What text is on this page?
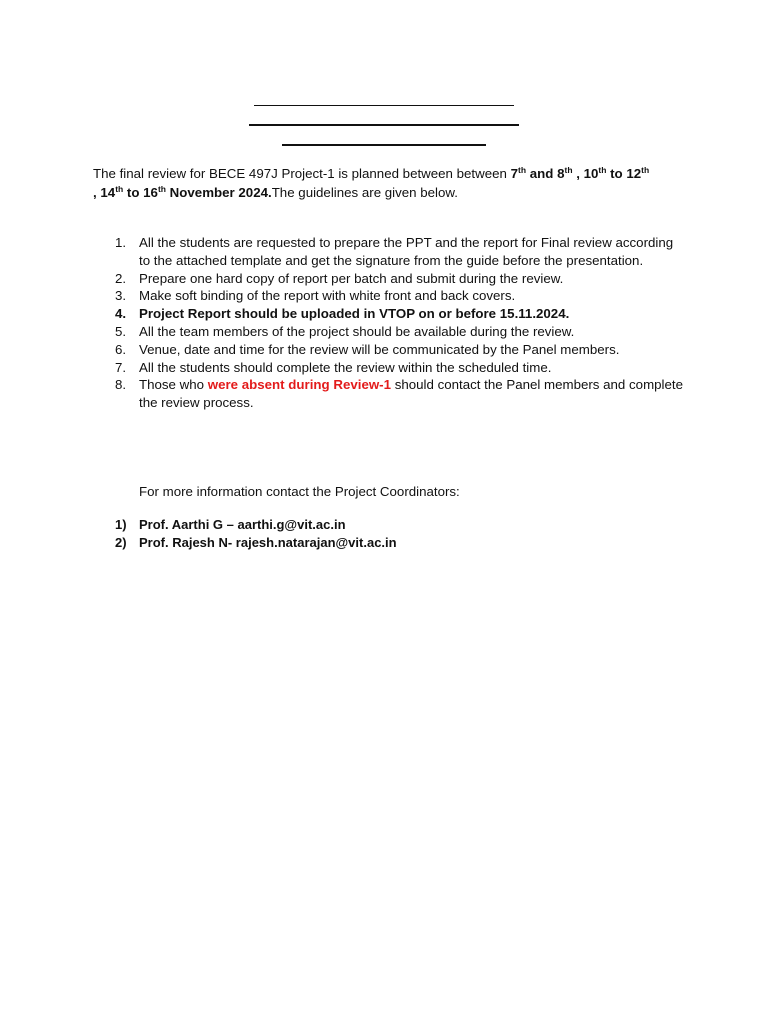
The final review for BECE 497J Project-1 is planned between between 7th and 8th , 10th to 12th
, 14th to 16th November 2024.The guidelines are given below.

1. All the students are requested to prepare the PPT and the report for Final review according to the attached template and get the signature from the guide before the presentation.
2. Prepare one hard copy of report per batch and submit during the review.
3. Make soft binding of the report with white front and back covers.
4. Project Report should be uploaded in VTOP on or before 15.11.2024.
5. All the team members of the project should be available during the review.
6. Venue, date and time for the review will be communicated by the Panel members.
7. All the students should complete the review within the scheduled time.
8. Those who were absent during Review-1 should contact the Panel members and complete the review process.

For more information contact the Project Coordinators:

1) Prof. Aarthi G – aarthi.g@vit.ac.in
2) Prof. Rajesh N- rajesh.natarajan@vit.ac.in
